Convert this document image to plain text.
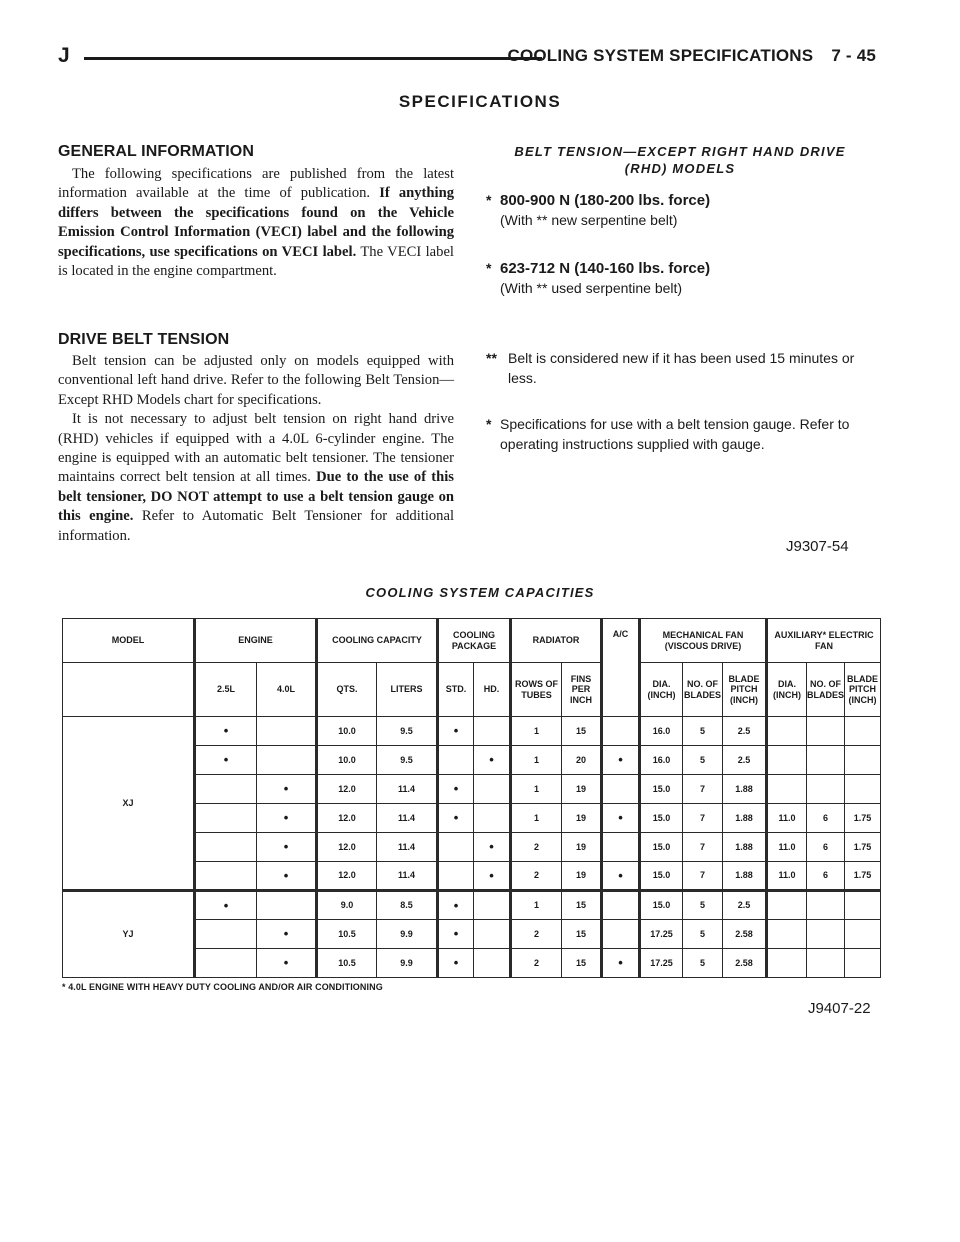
J	COOLING SYSTEM SPECIFICATIONS 7 - 45
SPECIFICATIONS
GENERAL INFORMATION

The following specifications are published from the latest information available at the time of publication. If anything differs between the specifications found on the Vehicle Emission Control Information (VECI) label and the following specifications, use specifications on VECI label. The VECI label is located in the engine compartment.

DRIVE BELT TENSION

Belt tension can be adjusted only on models equipped with conventional left hand drive. Refer to the following Belt Tension—Except RHD Models chart for specifications.

It is not necessary to adjust belt tension on right hand drive (RHD) vehicles if equipped with a 4.0L 6-cylinder engine. The engine is equipped with an automatic belt tensioner. The tensioner maintains correct belt tension at all times. Due to the use of this belt tensioner, DO NOT attempt to use a belt tension gauge on this engine. Refer to Automatic Belt Tensioner for additional information.

BELT TENSION—EXCEPT RIGHT HAND DRIVE
(RHD) MODELS
* 800-900 N (180-200 lbs. force)
(With ** new serpentine belt)
* 623-712 N (140-160 lbs. force)
(With ** used serpentine belt)
** Belt is considered new if it has been used 15 minutes or
less.
* Specifications for use with a belt tension gauge. Refer to
operating instructions supplied with gauge.
J9307-54
COOLING SYSTEM CAPACITIES
MODEL	ENGINE		COOLING CAPACITY		COOLING PACKAGE		RADIATOR		A/C	MECHANICAL FAN (VISCOUS DRIVE)			AUXILIARY* ELECTRIC FAN		
	2.5L	4.0L	QTS.	LITERS	STD.	HD.	ROWS OF TUBES	FINS PER INCH		DIA. (INCH)	NO. OF BLADES	BLADE PITCH (INCH)	DIA. (INCH)	NO. OF BLADES	BLADE PITCH (INCH)
XJ	•		10.0	9.5	•		1	15		16.0	5	2.5			
	•		10.0	9.5		•	1	20	•	16.0	5	2.5			
		•	12.0	11.4	•		1	19		15.0	7	1.88			
		•	12.0	11.4	•		1	19	•	15.0	7	1.88	11.0	6	1.75
		•	12.0	11.4		•	2	19		15.0	7	1.88	11.0	6	1.75
		•	12.0	11.4		•	2	19	•	15.0	7	1.88	11.0	6	1.75
YJ	•		9.0	8.5	•		1	15		15.0	5	2.5			
		•	10.5	9.9	•		2	15		17.25	5	2.58			
		•	10.5	9.9	•		2	15	•	17.25	5	2.58			
* 4.0L ENGINE WITH HEAVY DUTY COOLING AND/OR AIR CONDITIONING
J9407-22
